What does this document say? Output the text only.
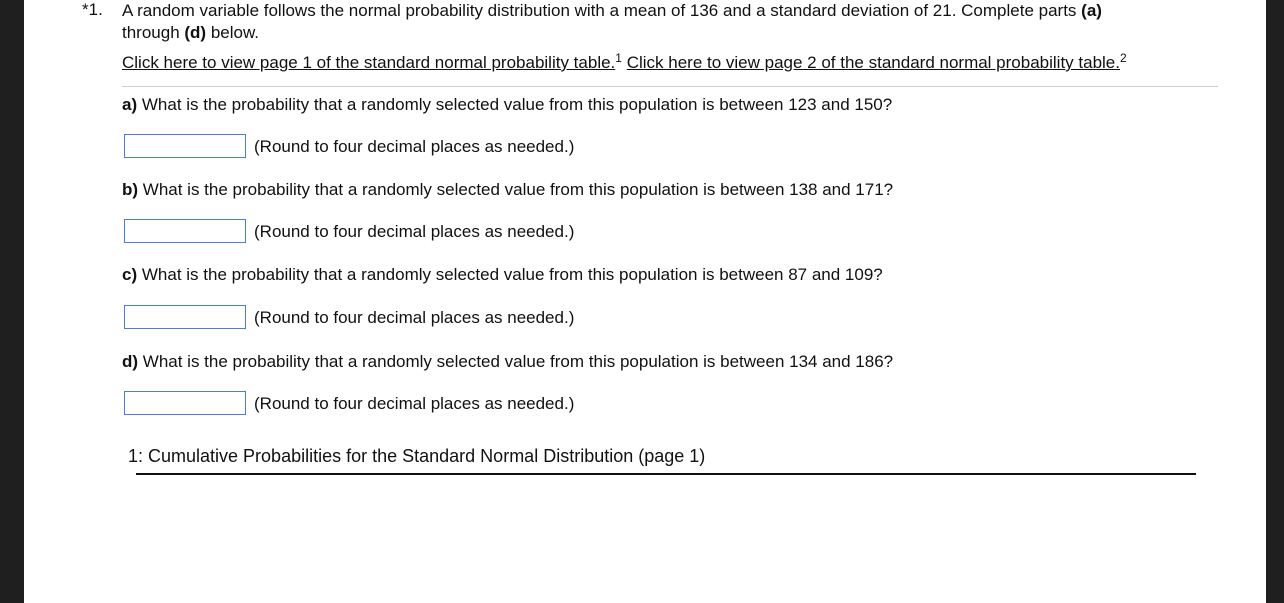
*1. A random variable follows the normal probability distribution with a mean of 136 and a standard deviation of 21. Complete parts (a)
through (d) below.
Click here to view page 1 of the standard normal probability table.$^1$ Click here to view page 2 of the standard normal probability table.$^2$
a) What is the probability that a randomly selected value from this population is between 123 and 150?
(Round to four decimal places as needed.)
b) What is the probability that a randomly selected value from this population is between 138 and 171?
(Round to four decimal places as needed.)
c) What is the probability that a randomly selected value from this population is between 87 and 109?
(Round to four decimal places as needed.)
d) What is the probability that a randomly selected value from this population is between 134 and 186?
(Round to four decimal places as needed.)
1: Cumulative Probabilities for the Standard Normal Distribution (page 1)
